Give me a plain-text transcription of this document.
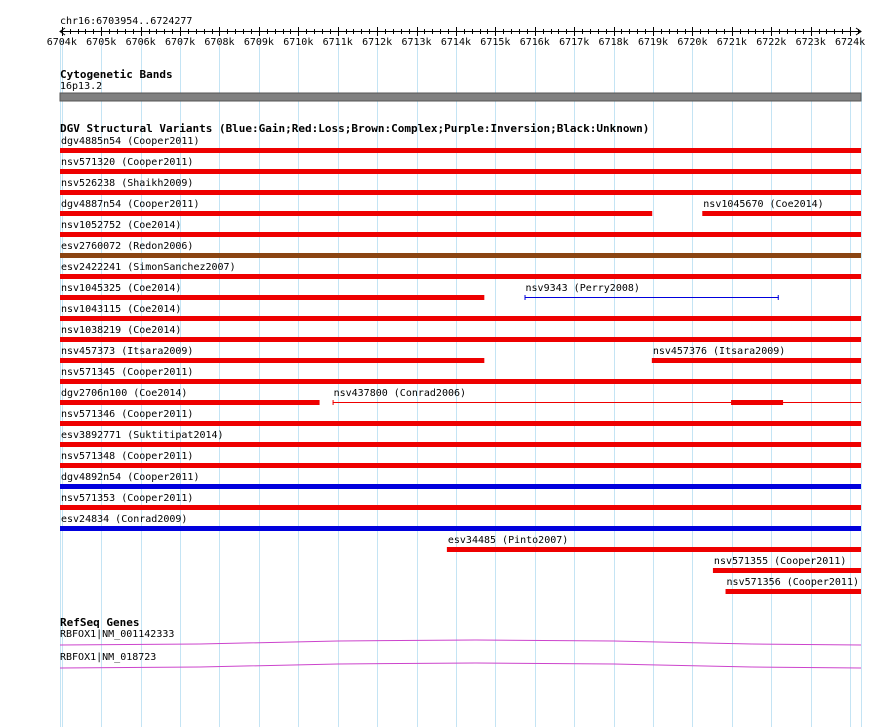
chr16:6703954..6724277
6704k 6705k 6706k 6707k 6708k 6709k 6710k 6711k 6712k 6713k 6714k 6715k 6716k 6717k 6718k 6719k 6720k 6721k 6722k 6723k 6724k
Cytogenetic Bands
16p13.2
DGV Structural Variants (Blue:Gain;Red:Loss;Brown:Complex;Purple:Inversion;Black:Unknown)
dgv4885n54 (Cooper2011)
nsv571320 (Cooper2011)
nsv526238 (Shaikh2009)
dgv4887n54 (Cooper2011)	nsv1045670 (Coe2014)
nsv1052752 (Coe2014)
esv2760072 (Redon2006)
esv2422241 (SimonSanchez2007)
nsv1045325 (Coe2014)	nsv9343 (Perry2008)
nsv1043115 (Coe2014)
nsv1038219 (Coe2014)
nsv457373 (Itsara2009)	nsv457376 (Itsara2009)
nsv571345 (Cooper2011)
dgv2706n100 (Coe2014)	nsv437800 (Conrad2006)
nsv571346 (Cooper2011)
esv3892771 (Suktitipat2014)
nsv571348 (Cooper2011)
dgv4892n54 (Cooper2011)
nsv571353 (Cooper2011)
esv24834 (Conrad2009)
esv34485 (Pinto2007)
nsv571355 (Cooper2011)
nsv571356 (Cooper2011)
RefSeq Genes
RBFOX1|NM_001142333
RBFOX1|NM_018723
